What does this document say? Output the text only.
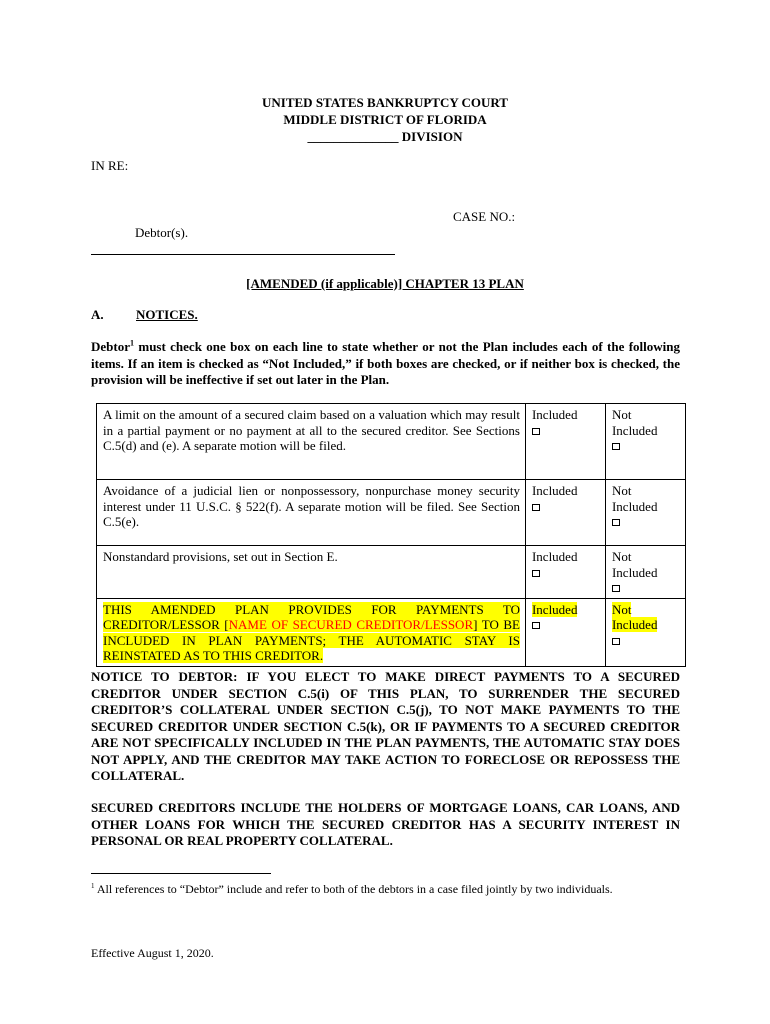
UNITED STATES BANKRUPTCY COURT
MIDDLE DISTRICT OF FLORIDA
______________ DIVISION
IN RE:
CASE NO.:
Debtor(s).
[AMENDED (if applicable)] CHAPTER 13 PLAN
A. NOTICES.
Debtor$^1$ must check one box on each line to state whether or not the Plan includes each of the following items. If an item is checked as “Not Included,” if both boxes are checked, or if neither box is checked, the provision will be ineffective if set out later in the Plan.
A limit on the amount of a secured claim based on a valuation which may result in a partial payment or no payment at all to the secured creditor. See Sections C.5(d) and (e). A separate motion will be filed.	Included	Not Included

Avoidance of a judicial lien or nonpossessory, nonpurchase money security interest under 11 U.S.C. § 522(f). A separate motion will be filed. See Section C.5(e).	Included	Not Included

Nonstandard provisions, set out in Section E.	Included	Not Included

THIS AMENDED PLAN PROVIDES FOR PAYMENTS TO CREDITOR/LESSOR [NAME OF SECURED CREDITOR/LESSOR] TO BE INCLUDED IN PLAN PAYMENTS; THE AUTOMATIC STAY IS REINSTATED AS TO THIS CREDITOR.	Included	Not Included
NOTICE TO DEBTOR: IF YOU ELECT TO MAKE DIRECT PAYMENTS TO A SECURED CREDITOR UNDER SECTION C.5(i) OF THIS PLAN, TO SURRENDER THE SECURED CREDITOR’S COLLATERAL UNDER SECTION C.5(j), TO NOT MAKE PAYMENTS TO THE SECURED CREDITOR UNDER SECTION C.5(k), OR IF PAYMENTS TO A SECURED CREDITOR ARE NOT SPECIFICALLY INCLUDED IN THE PLAN PAYMENTS, THE AUTOMATIC STAY DOES NOT APPLY, AND THE CREDITOR MAY TAKE ACTION TO FORECLOSE OR REPOSSESS THE COLLATERAL.
SECURED CREDITORS INCLUDE THE HOLDERS OF MORTGAGE LOANS, CAR LOANS, AND OTHER LOANS FOR WHICH THE SECURED CREDITOR HAS A SECURITY INTEREST IN PERSONAL OR REAL PROPERTY COLLATERAL.
$^1$ All references to “Debtor” include and refer to both of the debtors in a case filed jointly by two individuals.
Effective August 1, 2020.
